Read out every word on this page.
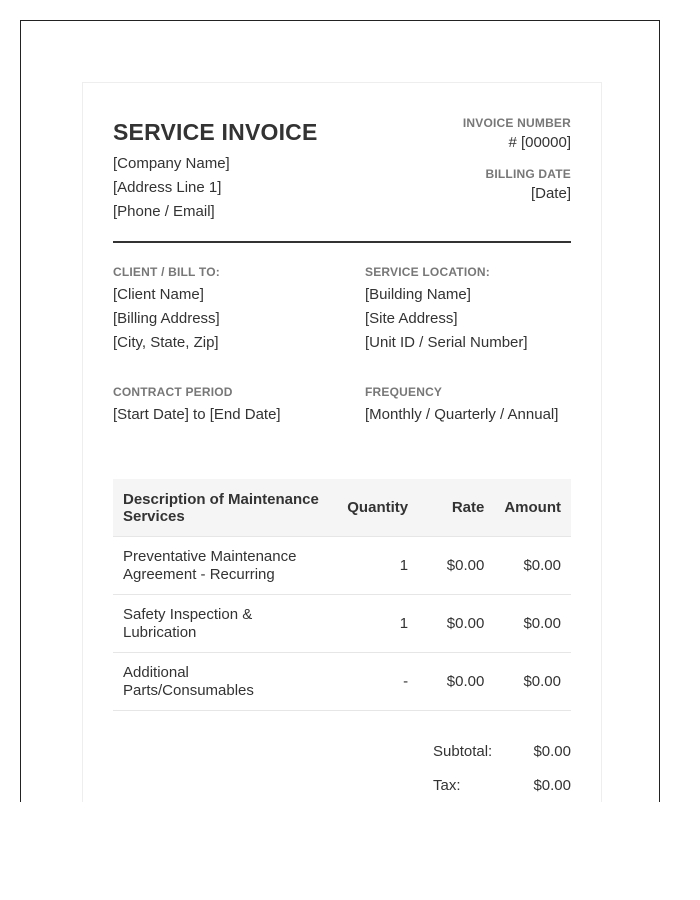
SERVICE INVOICE
[Company Name]
[Address Line 1]
[Phone / Email]
INVOICE NUMBER
# [00000]
BILLING DATE
[Date]
CLIENT / BILL TO:
[Client Name]
[Billing Address]
[City, State, Zip]
SERVICE LOCATION:
[Building Name]
[Site Address]
[Unit ID / Serial Number]
CONTRACT PERIOD
[Start Date] to [End Date]
FREQUENCY
[Monthly / Quarterly / Annual]
Description of Maintenance Services	Quantity	Rate	Amount
Preventative Maintenance Agreement - Recurring	1	$0.00	$0.00
Safety Inspection & Lubrication	1	$0.00	$0.00
Additional Parts/Consumables	-	$0.00	$0.00
Subtotal:	$0.00
Tax:	$0.00
